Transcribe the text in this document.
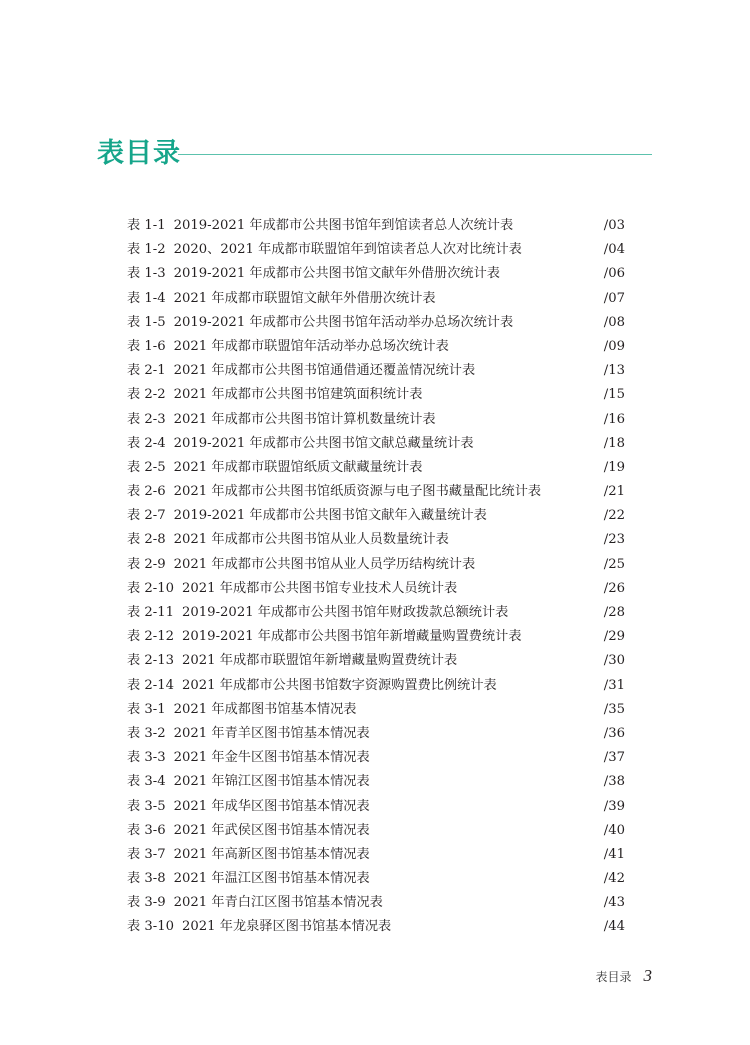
表目录
表 1-1 2019-2021 年成都市公共图书馆年到馆读者总人次统计表	/03
表 1-2 2020、2021 年成都市联盟馆年到馆读者总人次对比统计表	/04
表 1-3 2019-2021 年成都市公共图书馆文献年外借册次统计表	/06
表 1-4 2021 年成都市联盟馆文献年外借册次统计表	/07
表 1-5 2019-2021 年成都市公共图书馆年活动举办总场次统计表	/08
表 1-6 2021 年成都市联盟馆年活动举办总场次统计表	/09
表 2-1 2021 年成都市公共图书馆通借通还覆盖情况统计表	/13
表 2-2 2021 年成都市公共图书馆建筑面积统计表	/15
表 2-3 2021 年成都市公共图书馆计算机数量统计表	/16
表 2-4 2019-2021 年成都市公共图书馆文献总藏量统计表	/18
表 2-5 2021 年成都市联盟馆纸质文献藏量统计表	/19
表 2-6 2021 年成都市公共图书馆纸质资源与电子图书藏量配比统计表	/21
表 2-7 2019-2021 年成都市公共图书馆文献年入藏量统计表	/22
表 2-8 2021 年成都市公共图书馆从业人员数量统计表	/23
表 2-9 2021 年成都市公共图书馆从业人员学历结构统计表	/25
表 2-10 2021 年成都市公共图书馆专业技术人员统计表	/26
表 2-11 2019-2021 年成都市公共图书馆年财政拨款总额统计表	/28
表 2-12 2019-2021 年成都市公共图书馆年新增藏量购置费统计表	/29
表 2-13 2021 年成都市联盟馆年新增藏量购置费统计表	/30
表 2-14 2021 年成都市公共图书馆数字资源购置费比例统计表	/31
表 3-1 2021 年成都图书馆基本情况表	/35
表 3-2 2021 年青羊区图书馆基本情况表	/36
表 3-3 2021 年金牛区图书馆基本情况表	/37
表 3-4 2021 年锦江区图书馆基本情况表	/38
表 3-5 2021 年成华区图书馆基本情况表	/39
表 3-6 2021 年武侯区图书馆基本情况表	/40
表 3-7 2021 年高新区图书馆基本情况表	/41
表 3-8 2021 年温江区图书馆基本情况表	/42
表 3-9 2021 年青白江区图书馆基本情况表	/43
表 3-10 2021 年龙泉驿区图书馆基本情况表	/44
表目录 3
